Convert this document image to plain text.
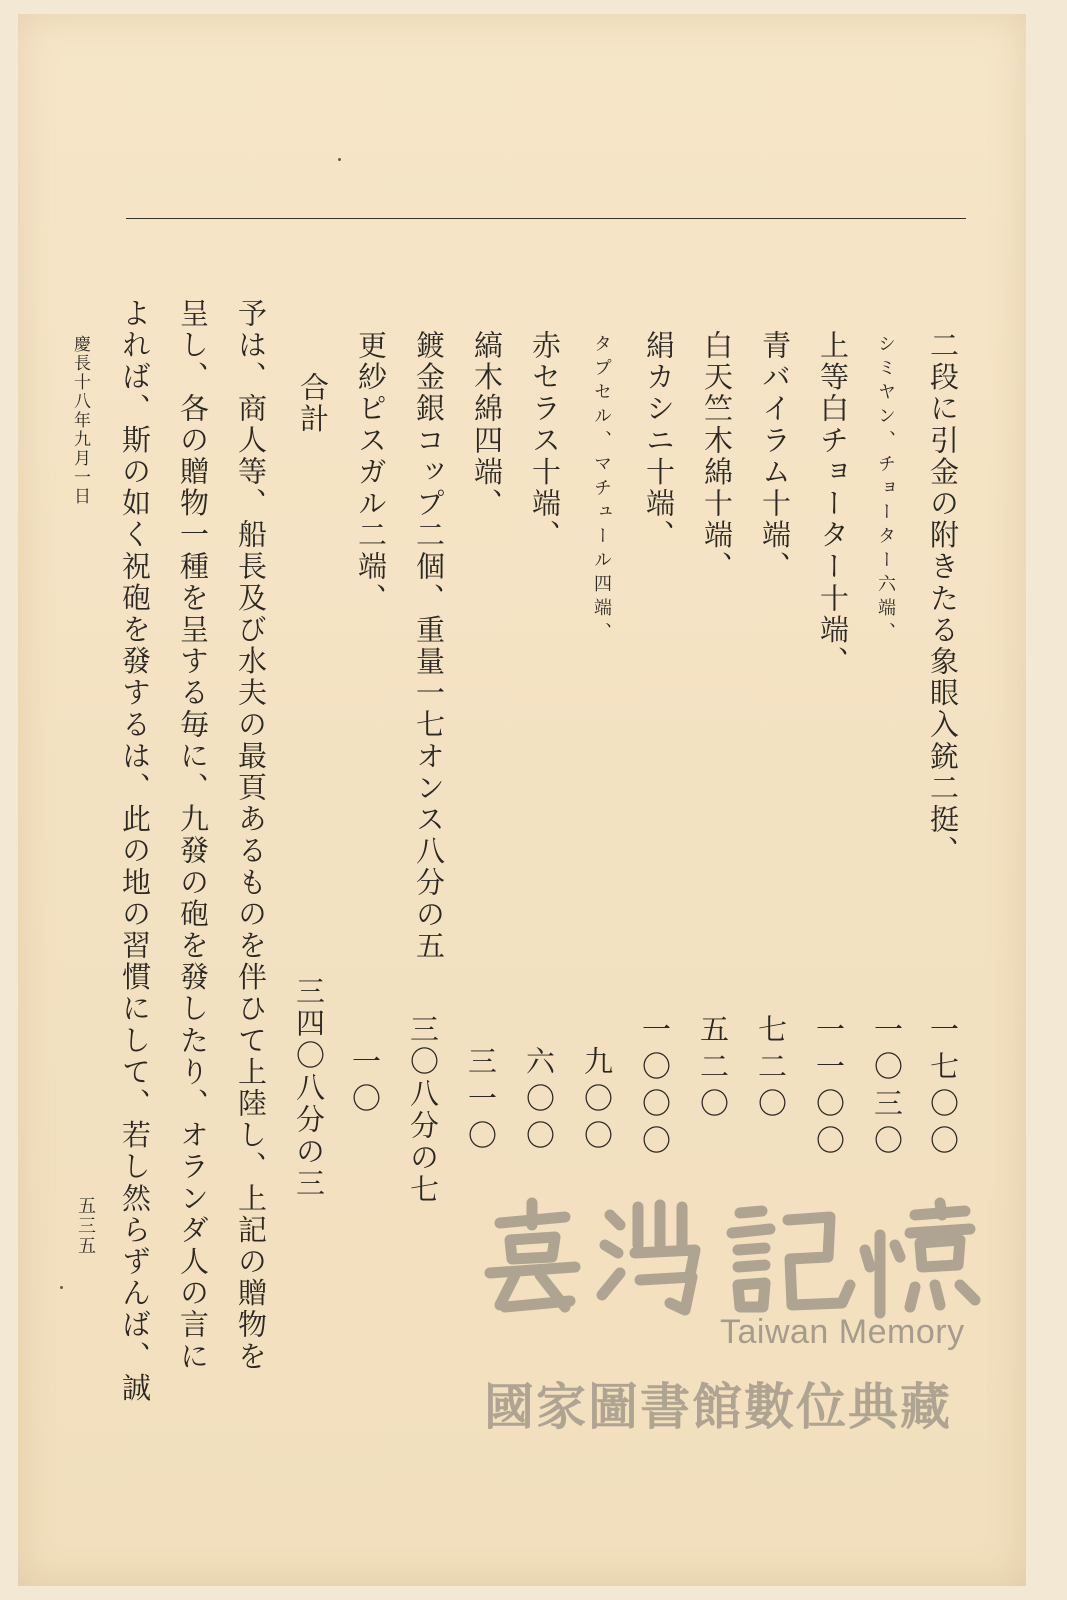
二段に引金の附きたる象眼入銃二挺、
シミヤン、チョーター六端、
上等白チョーター十端、
青バイラム十端、
白天竺木綿十端、
絹カシニ十端、
タプセル、マチュール四端、
赤セラス十端、
縞木綿四端、
鍍金銀コップ二個、重量一七オンス八分の五
更紗ピスガル二端、
合計
一七〇〇
一〇三〇
一一〇〇
七二〇
五二〇
一〇〇〇
九〇〇
六〇〇
三一〇
三〇八分の七
一〇
三四〇八分の三
予は、商人等、船長及び水夫の最頁あるものを伴ひて上陸し、上記の贈物を
呈し、各の贈物一種を呈する毎に、九發の砲を發したり、オランダ人の言に
よれば、斯の如く祝砲を發するは、此の地の習慣にして、若し然らずんば、誠
慶長十八年九月一日
五三五
Taiwan Memory
國家圖書館數位典藏
